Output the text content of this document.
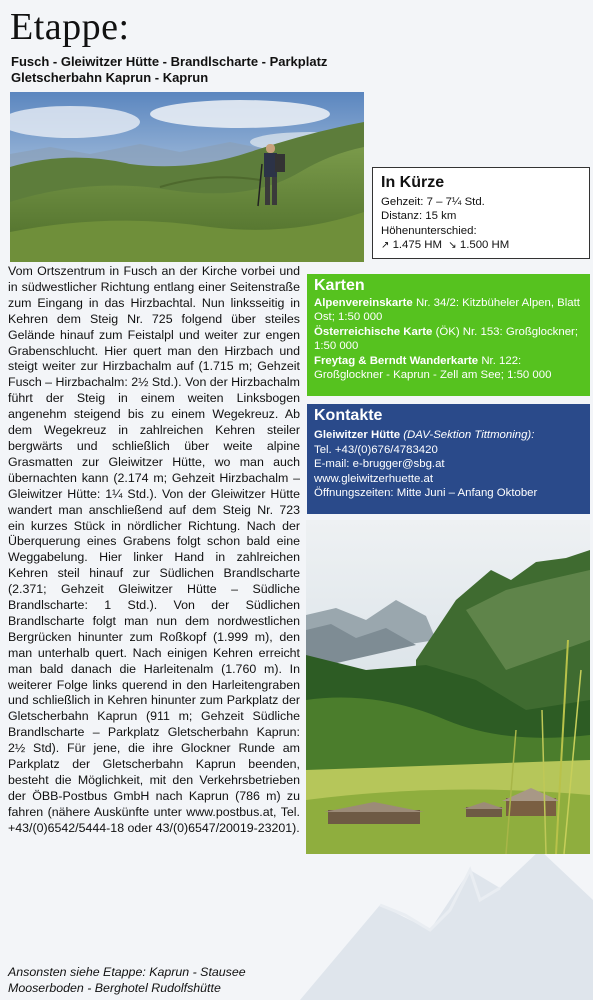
Etappe:

Fusch - Gleiwitzer Hütte - Brandlscharte - Parkplatz Gletscherbahn Kaprun - Kaprun

In Kürze
Gehzeit: 7 – 7¼ Std.
Distanz: 15 km
Höhenunterschied:
↗ 1.475 HM ↘ 1.500 HM
Karten
Alpenvereinskarte Nr. 34/2: Kitzbüheler Alpen, Blatt Ost; 1:50 000
Österreichische Karte (ÖK) Nr. 153: Großglockner; 1:50 000
Freytag & Berndt Wanderkarte Nr. 122: Großglockner - Kaprun - Zell am See; 1:50 000
Kontakte
Gleiwitzer Hütte (DAV-Sektion Tittmoning):
Tel. +43/(0)676/4783420
E-mail: e-brugger@sbg.at
www.gleiwitzerhuette.at
Öffnungszeiten: Mitte Juni – Anfang Oktober

Vom Ortszentrum in Fusch an der Kirche vorbei und in südwestlicher Richtung entlang einer Seitenstraße zum Eingang in das Hirzbachtal. Nun linksseitig in Kehren dem Steig Nr. 725 folgend über steiles Gelände hinauf zum Feistalpl und weiter zur engen Grabenschlucht. Hier quert man den Hirzbach und steigt weiter zur Hirzbachalm auf (1.715 m; Gehzeit Fusch – Hirzbachalm: 2½ Std.). Von der Hirzbachalm führt der Steig in einem weiten Linksbogen angenehm steigend bis zu einem Wegekreuz. Ab dem Wegekreuz in zahlreichen Kehren steiler bergwärts und schließlich über weite alpine Grasmatten zur Gleiwitzer Hütte, wo man auch übernachten kann (2.174 m; Gehzeit Hirzbachalm – Gleiwitzer Hütte: 1¼ Std.). Von der Gleiwitzer Hütte wandert man anschließend auf dem Steig Nr. 723 ein kurzes Stück in nördlicher Richtung. Nach der Überquerung eines Grabens folgt schon bald eine Weggabelung. Hier linker Hand in zahlreichen Kehren steil hinauf zur Südlichen Brandlscharte (2.371; Gehzeit Gleiwitzer Hütte – Südliche Brandlscharte: 1 Std.). Von der Südlichen Brandlscharte folgt man nun dem nordwestlichen Bergrücken hinunter zum Roßkopf (1.999 m), den man unterhalb quert. Nach einigen Kehren erreicht man bald danach die Harleitenalm (1.760 m). In weiterer Folge links querend in den Harleitengraben und schließlich in Kehren hinunter zum Parkplatz der Gletscherbahn Kaprun (911 m; Gehzeit Südliche Brandlscharte – Parkplatz Gletscherbahn Kaprun: 2½ Std). Für jene, die ihre Glockner Runde am Parkplatz der Gletscherbahn Kaprun beenden, besteht die Möglichkeit, mit den Verkehrsbetrieben der ÖBB-Postbus GmbH nach Kaprun (786 m) zu fahren (nähere Auskünfte unter www.postbus.at, Tel. +43/(0)6542/5444-18 oder 43/(0)6547/20019-23201).

Ansonsten siehe Etappe: Kaprun - Stausee Mooserboden - Berghotel Rudolfshütte
